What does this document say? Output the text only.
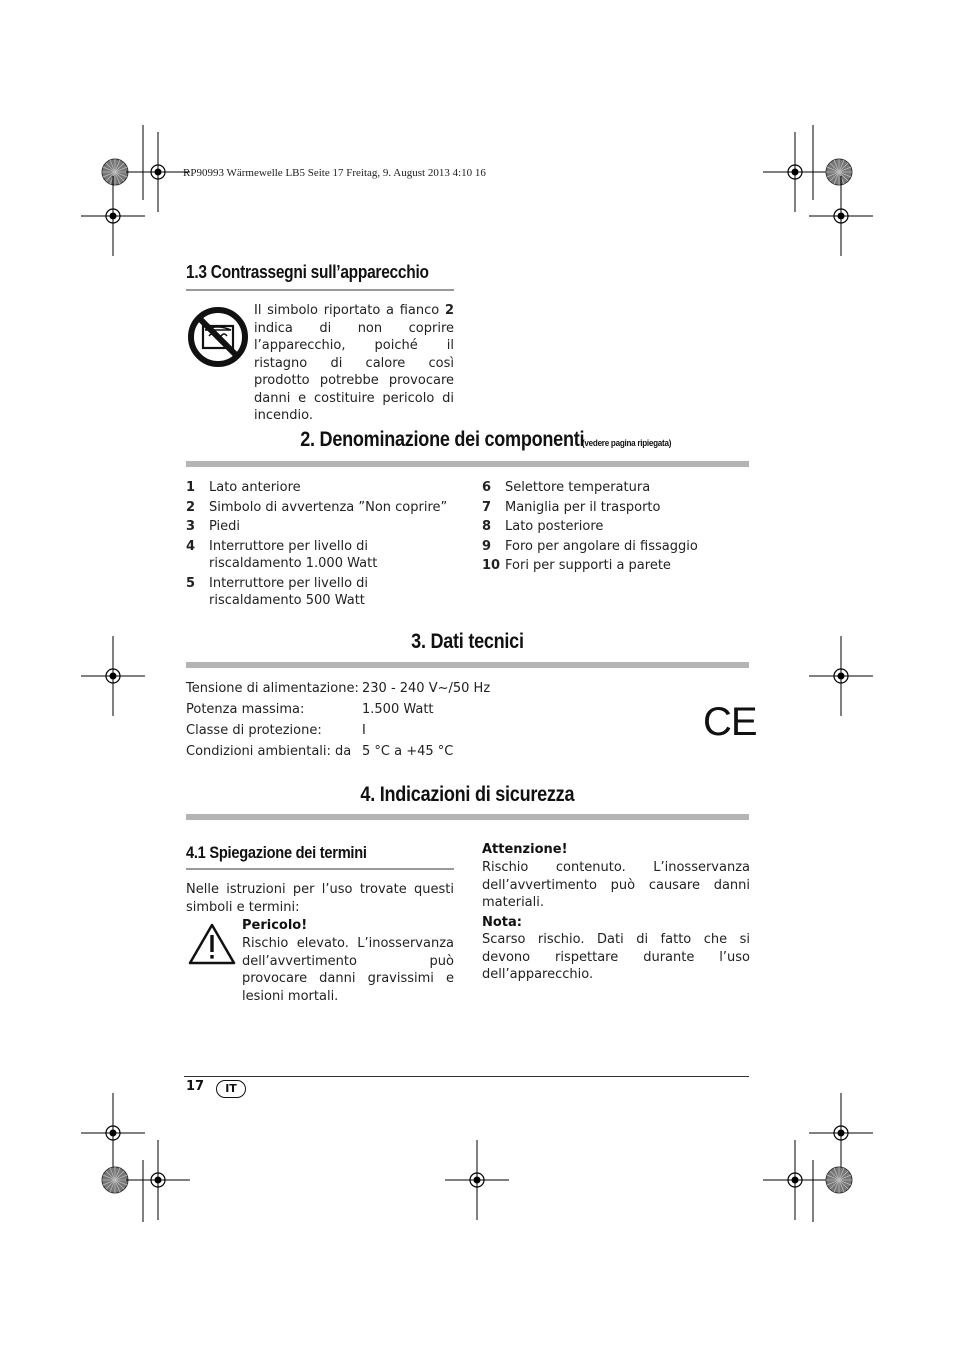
RP90993 Wärmewelle LB5 Seite 17 Freitag, 9. August 2013 4:10 16
1.3 Contrassegni sull’apparecchio
Il simbolo riportato a fianco 2 indica di non coprire l’apparecchio, poiché il ristagno di calore così prodotto potrebbe provocare danni e costituire pericolo di incendio.
2. Denominazione dei componenti (vedere pagina ripiegata)
1	Lato anteriore
2	Simbolo di avvertenza ”Non coprire”
3	Piedi
4	Interruttore per livello di riscaldamento 1.000 Watt
5	Interruttore per livello di riscaldamento 500 Watt
6	Selettore temperatura
7	Maniglia per il trasporto
8	Lato posteriore
9	Foro per angolare di fissaggio
10 Fori per supporti a parete
3. Dati tecnici
Tensione di alimentazione: 230 - 240 V~/50 Hz
Potenza massima:	1.500 Watt
Classe di protezione:	I
Condizioni ambientali: da 5 °C a +45 °C
CE
4. Indicazioni di sicurezza
4.1 Spiegazione dei termini
Nelle istruzioni per l’uso trovate questi simboli e termini:
Pericolo!
Rischio elevato. L’inosservanza dell’avvertimento può provocare danni gravissimi e lesioni mortali.
Attenzione!
Rischio contenuto. L’inosservanza dell’avvertimento può causare danni materiali.
Nota:
Scarso rischio. Dati di fatto che si devono rispettare durante l’uso dell’apparecchio.
17	IT
